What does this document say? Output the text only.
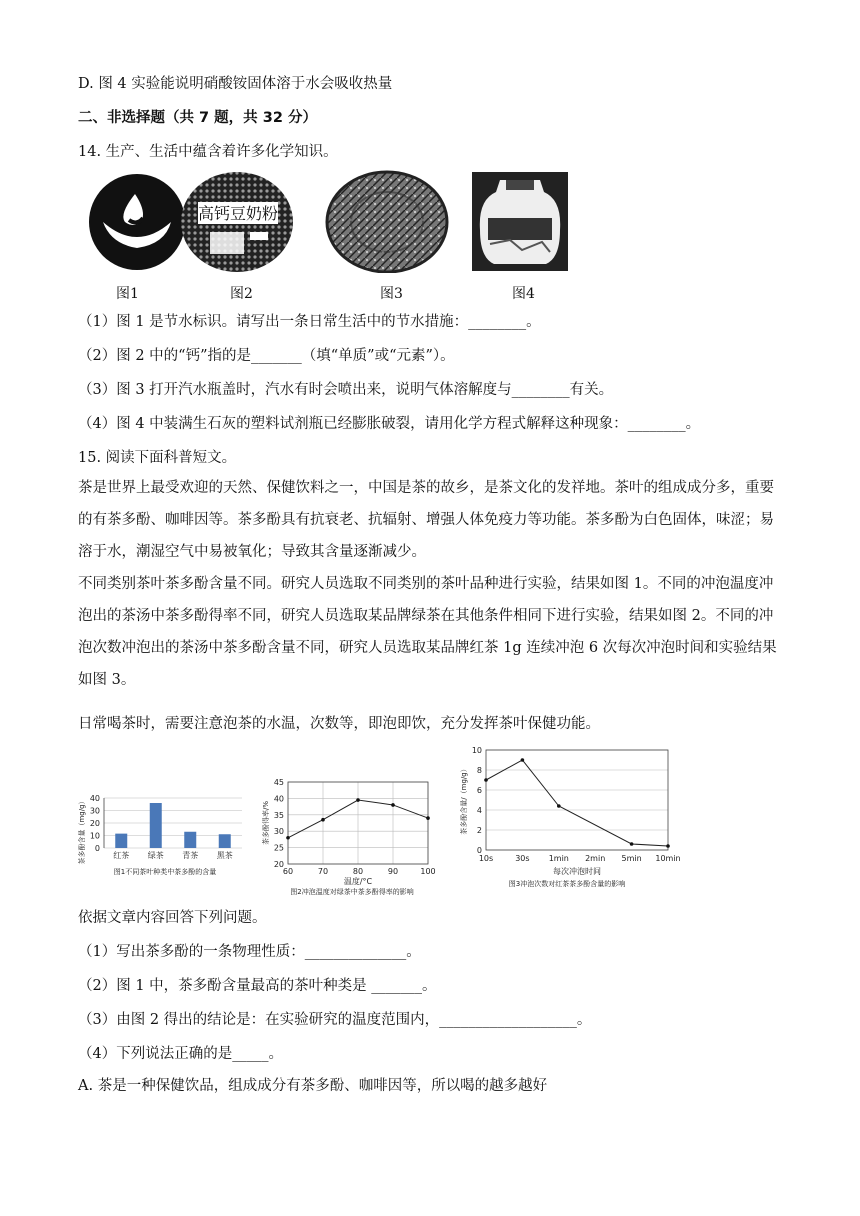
D. 图 4 实验能说明硝酸铵固体溶于水会吸收热量
二、非选择题（共 7 题，共 32 分）
14. 生产、生活中蕴含着许多化学知识。
高钙豆奶粉
图1	图2	图3	图4
（1）图 1 是节水标识。请写出一条日常生活中的节水措施：________。
（2）图 2 中的“钙”指的是_______（填“单质”或“元素”）。
（3）图 3 打开汽水瓶盖时，汽水有时会喷出来，说明气体溶解度与________有关。
（4）图 4 中装满生石灰的塑料试剂瓶已经膨胀破裂，请用化学方程式解释这种现象：________。
15. 阅读下面科普短文。
茶是世界上最受欢迎的天然、保健饮料之一，中国是茶的故乡，是茶文化的发祥地。茶叶的组成成分多，重要的有茶多酚、咖啡因等。茶多酚具有抗衰老、抗辐射、增强人体免疫力等功能。茶多酚为白色固体，味涩；易溶于水，潮湿空气中易被氧化；导致其含量逐渐减少。
不同类别茶叶茶多酚含量不同。研究人员选取不同类别的茶叶品种进行实验，结果如图 1。不同的冲泡温度冲泡出的茶汤中茶多酚得率不同，研究人员选取某品牌绿茶在其他条件相同下进行实验，结果如图 2。不同的冲泡次数冲泡出的茶汤中茶多酚含量不同，研究人员选取某品牌红茶 1g 连续冲泡 6 次每次冲泡时间和实验结果如图 3。
日常喝茶时，需要注意泡茶的水温，次数等，即泡即饮，充分发挥茶叶保健功能。
0
10
20
30
40
红茶 绿茶 青茶 黑茶
茶多酚含量（mg/g）
图1不同茶叶种类中茶多酚的含量
20
25
30
35
40
45
60	70	80	90	100
温度/°C
茶多酚得率/%
图2冲泡温度对绿茶中茶多酚得率的影响
0
2
4
6
8
10
10s	30s 1min 2min 5min 10min
每次冲泡时间
茶多酚含量/（mg/g）
图3冲泡次数对红茶茶多酚含量的影响
依据文章内容回答下列问题。
（1）写出茶多酚的一条物理性质：______________。
（2）图 1 中，茶多酚含量最高的茶叶种类是 _______。
（3）由图 2 得出的结论是：在实验研究的温度范围内，___________________。
（4）下列说法正确的是_____。
A. 茶是一种保健饮品，组成成分有茶多酚、咖啡因等，所以喝的越多越好
